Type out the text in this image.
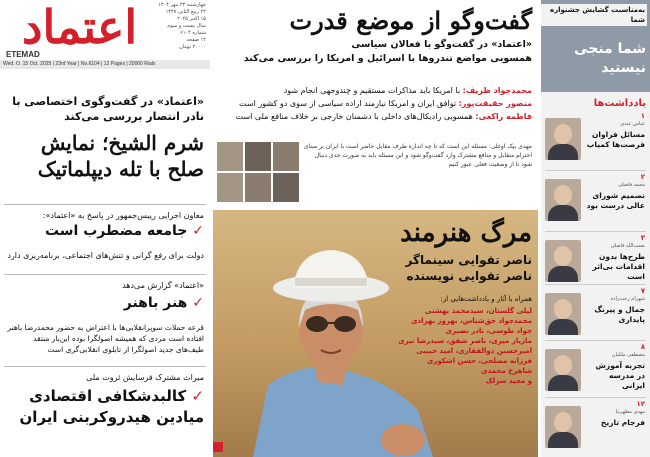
اعتماد
ETEMAD
چهارشنبه ۲۳ مهر ۱۴۰۴
۲۲ ربیع الثانی ۱۴۴۷
۱۵ اکتبر ۲۰۲۵
سال بیست و سوم
شماره ۶۱۰۴
۱۲ صفحه
۲۰۰۰۰ تومان
Wed. O. 15 Oct. 2025 | 23rd Year | No.6104 | 12 Pages | 20000 Rials
«اعتماد» در گفت‌وگوی اختصاصی با نادر انتصار بررسی می‌کند
شرم الشیخ؛ نمایش صلح با تله دیپلماتیک
معاون اجرایی رییس‌جمهور در پاسخ به «اعتماد»:
✓ جامعه مضطرب است
دولت برای رفع گرانی و تنش‌های اجتماعی، برنامه‌ریزی دارد
«اعتماد» گزارش می‌دهد
✓ هنر باهنر
قرعه حملات سوپرانقلابی‌ها با اعتراض به حضور محمدرضا باهنر افتاده است مردی که همیشه اصولگرا بوده این‌بار منتقد طیف‌های جدید اصولگرا از تابلوی انقلابی‌گری است
میراث مشترک فرسایش ثروت ملی
✓ کالبدشکافی اقتصادی میادین هیدروکربنی ایران
گفت‌وگو از موضع قدرت
«اعتماد» در گفت‌وگو با فعالان سیاسی
همسویی مواضع تندروها با اسرائیل و امریکا را بررسی می‌کند
محمدجواد ظریف: با امریکا باید مذاکرات مستقیم و چندوجهی انجام شود
منصور حقیقت‌پور: توافق ایران و امریکا نیازمند اراده سیاسی از سوی دو کشور است
فاطمه راکعی: همسویی رادیکال‌های داخلی با دشمنان خارجی بر خلاف منافع ملی است
مهدی بیک اوغلی: مسئله این است که تا چه اندازه طرف مقابل حاضر است با ایران بر مبنای احترام متقابل و منافع مشترک وارد گفت‌وگو شود و این مسئله باید به صورت جدی دنبال شود تا از وضعیت فعلی عبور کنیم
مرگ هنرمند
ناصر تقوایی سینماگر
ناصر تقوایی نویسنده
همراه با آثار و یادداشت‌هایی از:
لیلی گلستان، سیدمحمد بهشتی
محمدجواد حق‌شناس، بهروز بهزادی
جواد طوسی، نادر نصیری
مازیار میری، ناصر شفق، سیدرضا نیری
امیرحسین ذوالفقاری، امید حبیبی
فرزانه مصلحی، حسن اشکوری
شاهرخ محمدی
و مجید سرلک
به‌مناسبت گشایش جشنواره شما
شما منجی نیستید
یادداشت‌ها
۱
عباس عبدی
مسائل فراوان فرصت‌ها کمیاب
۲
محمد فاضلی
تصمیم شورای عالی درست بود
۳
نعمت‌الله فاضلی
طرح‌ها بدون اقدامات بی‌اثر است
۷
شهرام رجب‌زاده
جمال و پیرنگ پایداری
۸
مصطفی ملکیان
تجربه آموزش در مدرسه ایرانی
۱۲
مهدی مطهرنیا
فرجام تاریخ
